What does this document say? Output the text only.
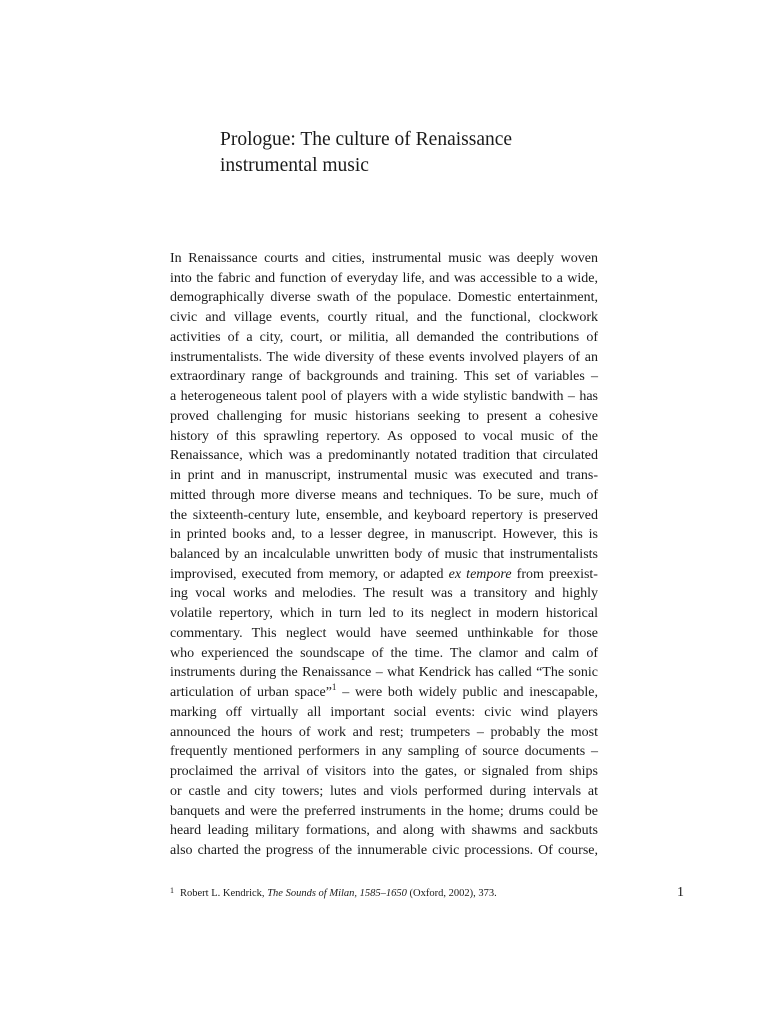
Prologue: The culture of Renaissance
instrumental music
In Renaissance courts and cities, instrumental music was deeply woven
into the fabric and function of everyday life, and was accessible to a wide,
demographically diverse swath of the populace. Domestic entertainment,
civic and village events, courtly ritual, and the functional, clockwork
activities of a city, court, or militia, all demanded the contributions of
instrumentalists. The wide diversity of these events involved players of an
extraordinary range of backgrounds and training. This set of variables –
a heterogeneous talent pool of players with a wide stylistic bandwith – has
proved challenging for music historians seeking to present a cohesive
history of this sprawling repertory. As opposed to vocal music of the
Renaissance, which was a predominantly notated tradition that circulated
in print and in manuscript, instrumental music was executed and trans-
mitted through more diverse means and techniques. To be sure, much of
the sixteenth-century lute, ensemble, and keyboard repertory is preserved
in printed books and, to a lesser degree, in manuscript. However, this is
balanced by an incalculable unwritten body of music that instrumentalists
improvised, executed from memory, or adapted ex tempore from preexist-
ing vocal works and melodies. The result was a transitory and highly
volatile repertory, which in turn led to its neglect in modern historical
commentary. This neglect would have seemed unthinkable for those
who experienced the soundscape of the time. The clamor and calm of
instruments during the Renaissance – what Kendrick has called “The sonic
articulation of urban space”$^1$ – were both widely public and inescapable,
marking off virtually all important social events: civic wind players
announced the hours of work and rest; trumpeters – probably the most
frequently mentioned performers in any sampling of source documents –
proclaimed the arrival of visitors into the gates, or signaled from ships
or castle and city towers; lutes and viols performed during intervals at
banquets and were the preferred instruments in the home; drums could be
heard leading military formations, and along with shawms and sackbuts
also charted the progress of the innumerable civic processions. Of course,
$^1$ Robert L. Kendrick, The Sounds of Milan, 1585–1650 (Oxford, 2002), 373.	1
